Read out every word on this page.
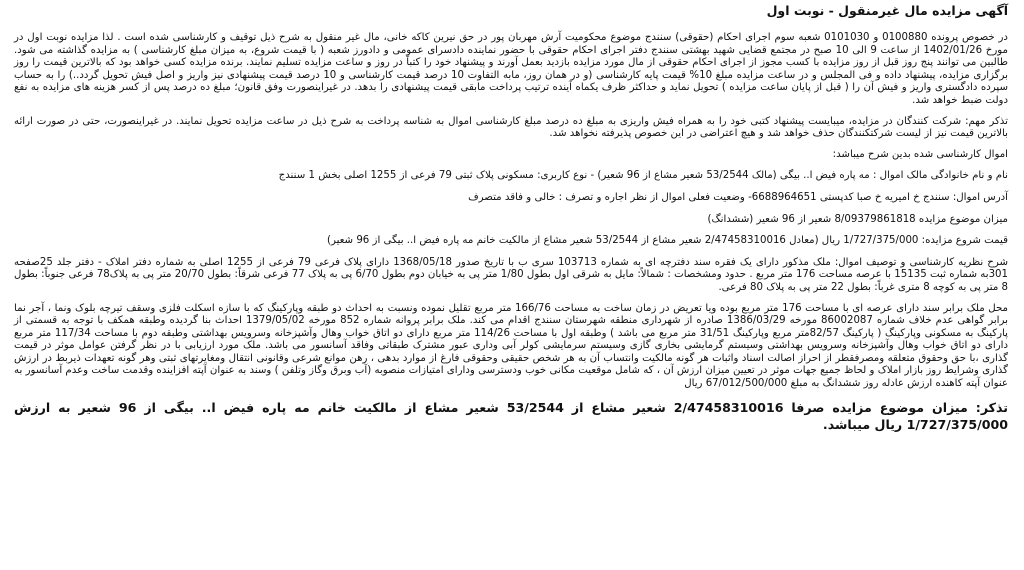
آگهی مزایده مال غیرمنقول - نوبت اول
در خصوص پرونده 0100880 و 0101030 شعبه سوم اجرای احکام (حقوقی) سنندج موضوع محکومیت آرش مهربان پور در حق نیرین کاکه خانی، مال غیر منقول به شرح ذیل توقیف و کارشناسی شده است . لذا مزایده نوبت اول در مورخ 1402/01/26 از ساعت 9 الی 10 صبح در مجتمع قضایی شهید بهشتی سنندج دفتر اجرای احکام حقوقی با حضور نماینده دادسرای عمومی و دادورز شعبه ( با قیمت شروع، به میزان مبلغ کارشناسی ) به مزایده گذاشته می شود. طالبین می توانند پنج روز قبل از روز مزایده با کسب مجوز از اجرای احکام حقوقی از مال مورد مزایده بازدید بعمل آورند و پیشنهاد خود را کتباً در روز و ساعت مزایده تسلیم نمایند. برنده مزایده کسی خواهد بود که بالاترین قیمت را روز برگزاری مزایده، پیشنهاد داده و فی المجلس و در ساعت مزایده مبلغ 10% قیمت پایه کارشناسی (و در همان روز، مابه التفاوت 10 درصد قیمت کارشناسی و 10 درصد قیمت پیشنهادی نیز واریز و اصل فیش تحویل گردد..) را به حساب سپرده دادگستری واریز و فیش آن را ( قبل از پایان ساعت مزایده ) تحویل نماید و حداکثر ظرف یکماه آینده ترتیب پرداخت مابقی قیمت پیشنهادی را بدهد. در غیراینصورت وفق قانون؛ مبلغ ده درصد پس از کسر هزینه های مزایده به نفع دولت ضبط خواهد شد.
تذکر مهم: شرکت کنندگان در مزایده، میبایست پیشنهاد کتبی خود را به همراه فیش واریزی به مبلغ ده درصد مبلغ کارشناسی اموال به شناسه پرداخت به شرح ذیل در ساعت مزایده تحویل نمایند. در غیراینصورت، حتی در صورت ارائه بالاترین قیمت نیز از لیست شرکتکنندگان حذف خواهد شد و هیچ اعتراضی در این خصوص پذیرفته نخواهد شد.
اموال کارشناسی شده بدین شرح میباشد:
نام و نام خانوادگی مالک اموال : مه پاره فیض ا.. بیگی (مالک 53/2544 شعیر مشاع از 96 شعیر) - نوع کاربری: مسکونی پلاک ثبتی 79 فرعی از 1255 اصلی بخش 1 سنندج
آدرس اموال: سنندج خ امیریه خ صبا کدپستی 6688964651- وضعیت فعلی اموال از نظر اجاره و تصرف : خالی و فاقد متصرف
میزان موضوع مزایده 8/09379861818 شعیر از 96 شعیر (ششدانگ)
قیمت شروع مزایده: 1/727/375/000 ریال (معادل 2/47458310016 شعیر مشاع از 53/2544 شعیر مشاع از مالکیت خانم مه پاره فیض ا.. بیگی از 96 شعیر)
شرح نظریه کارشناسی و توصیف اموال: ملک مذکور دارای یک فقره سند دفترچه ای به شماره 103713 سری ب با تاریخ صدور 1368/05/18 دارای پلاک فرعی 79 فرعی از 1255 اصلی به شماره دفتر املاک - دفتر جلد 25صفحه 301به شماره ثبت 15135 با عرصه مساحت 176 متر مربع . حدود ومشخصات : شمالاً: مایل به شرقی اول بطول 1/80 متر پی به خیابان دوم بطول 6/70 پی به پلاک 77 فرعی شرقاً: بطول 20/70 متر پی به پلاک78 فرعی جنوباً: بطول 8 متر پی به کوچه 8 متری غرباً: بطول 22 متر پی به پلاک 80 فرعی.
محل ملک برابر سند دارای عرصه ای با مساحت 176 متر مربع بوده ویا تعریض در زمان ساخت به مساحت 166/76 متر مربع تقلیل نموده ونسبت به احداث دو طبقه وپارکینگ که با سازه اسکلت فلزی وسقف تیرچه بلوک ونما ، آجر نما برابر گواهی عدم خلاف شماره 86002087 مورخه 1386/03/29 صادره از شهرداری منطقه شهرستان سنندج اقدام می کند. ملک برابر پروانه شماره 852 مورخه 1379/05/02 احداث بنا گردیده وطبقه همکف با توجه به قسمتی از پارکینگ به مسکونی وپارکینگ ( پارکینگ 82/57متر مربع وپارکینگ 31/51 متر مربع می باشد ) وطبقه اول با مساحت 114/26 متر مربع دارای دو اتاق خواب وهال وآشپزخانه وسرویس بهداشتی وطبقه دوم با مساحت 117/34 متر مربع دارای دو اتاق خواب وهال وآشپزخانه وسرویس بهداشتی وسیستم گرمایشی بخاری گازی وسیستم سرمایشی کولر آبی وداری عبور مشترک طبقاتی وفاقد آسانسور می باشد. ملک مورد ارزیابی با در نظر گرفتن عوامل موثر در قیمت گذاری ،با حق وحقوق متعلقه ومصرفقطر از احراز اصالت اسناد واثبات هر گونه مالکیت وانتساب آن به هر شخص حقیقی وحقوقی فارغ از موارد بدهی ، رهن موانع شرعی وقانونی انتقال ومغایرتهای ثبتی وهر گونه تعهدات ذیربط در ارزش گذاری وشرایط روز بازار املاک و لحاظ جمیع جهات موثر در تعیین میزان ارزش آن ، که شامل موقعیت مکانی خوب ودسترسی ودارای امتیازات منصوبه (آب وبرق وگاز وتلفن ) وسند به عنوان آپته افزاینده وقدمت ساخت وعدم آسانسور به عنوان آپته کاهنده ارزش عادله روز ششدانگ به مبلغ 67/012/500/000 ریال
تذکر: میزان موضوع مزایده صرفا 2/47458310016 شعیر مشاع از 53/2544 شعیر مشاع از مالکیت خانم مه پاره فیض ا.. بیگی از 96 شعیر به ارزش 1/727/375/000 ریال میباشد.
